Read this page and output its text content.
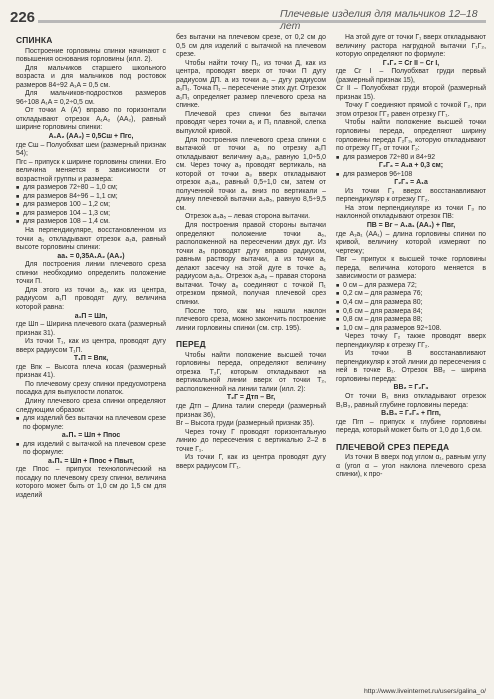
226	Плечевые изделия для мальчиков 12–18 лет
СПИНКА

Построение горловины спинки начинают с повышения основания горловины (илл. 2).

Для мальчиков старшего школьного возраста и для мальчиков под ростовок размеров 84÷92 A₁A = 0,5 см.

Для мальчиков-подростков размеров 96÷108 A₁A = 0,2÷0,5 см.

От точки А (А') вправо по горизонтали откладывают отрезок A₁A₂ (AA₂), равный ширине горловины спинки:

A₁A₂ (AA₂) = 0,5Сш + Пгс,

где Сш – Полуобхват шеи (размерный признак 54);

Пгс – припуск к ширине горловины спинки. Его величина меняется в зависимости от возрастной группы и размера:

■ для размеров 72÷80 – 1,0 см;

■ для размеров 84÷96 – 1,1 см;

■ для размеров 100 – 1,2 см;

■ для размеров 104 – 1,3 см;

■ для размеров 108 – 1,4 см.

На перпендикуляре, восстановленном из точки a₁ откладывают отрезок a₁a, равный высоте горловины спинки:

aa₁ = 0,35A₁A₂ (AA₂)

Для построения линии плечевого среза спинки необходимо определить положение точки П.

Для этого из точки a₁, как из центра, радиусом a₁П проводят дугу, величина которой равна:

a₁П = Шп,

где Шп – Ширина плечевого ската (размерный признак 31).

Из точки Т₁, как из центра, проводят дугу вверх радиусом Т₁П.

Т₁П = Впк,

где Впк – Высота плеча косая (размерный признак 41).

По плечевому срезу спинки предусмотрена посадка для выпуклости лопаток.

Длину плечевого среза спинки определяют следующим образом:

■ для изделий без вытачки на плечевом срезе по формуле:

a₁П₁ = Шп + Ппос

■ для изделий с вытачкой на плечевом срезе по формуле:

a₁П₁ = Шп + Ппос + Пвыт,

где Ппос – припуск технологический на посадку по плечевому срезу спинки, величина которого может быть от 1,0 см до 1,5 см для изделий

без вытачки на плечевом срезе, от 0,2 см до 0,5 см для изделий с вытачкой на плечевом срезе.

Чтобы найти точку П₁, из точки Д, как из центра, проводят вверх от точки П дугу радиусом ДП. а из точки a₁ – дугу радиусом a₁П₁. Точка П₁ – пересечение этих дуг. Отрезок a₁П₁ определяет размер плечевого среза на спинке.

Плечевой срез спинки без вытачки проводят через точки a₁ и П₁ плавной, слегка выпуклой кривой.

Для построения плечевого среза спинки с вытачкой от точки a₁ по отрезку a₁П откладывают величину a₁a₃, равную 1,0÷5,0 см. Через точку a₃ проводят вертикаль, на которой от точки a₃ вверх откладывают отрезок a₃a₄, равный 0,5÷1,0 см, затем от полученной точки a₄ вниз по вертикали – длину плечевой вытачки a₄a₅, равную 8,5÷9,5 см.

Отрезок a₄a₅ – левая сторона вытачки.

Для построения правой стороны вытачки определяют положение точки a₆, расположенной на пересечении двух дуг. Из точки a₅ проводят дугу вправо радиусом, равным раствору вытачки, а из точки a₁ делают засечку на этой дуге в точке a₆ радиусом a₁a₄. Отрезок a₅a₆ – правая сторона вытачки. Точку a₆ соединяют с точкой П₁ отрезком прямой, получая плечевой срез спинки.

После того, как мы нашли наклон плечевого среза, можно закончить построение линии горловины спинки (см. стр. 195).

ПЕРЕД

Чтобы найти положение высшей точки горловины переда, определяют величину отрезка Т₂Г, которым откладывают на вертикальной линии вверх от точки Т₂, расположенной на линии талии (илл. 2):

Т₂Г = Дтп – Вг,

где Дтп – Длина талии спереди (размерный признак 36),

Вг – Высота груди (размерный признак 35).

Через точку Г проводят горизонтальную линию до пересечения с вертикалью 2–2 в точке Г₁.

Из точки Г, как из центра проводят дугу вверх радиусом ГГ₁.

На этой дуге от точки Г₁ вверх откладывают величину растора нагрудной вытачки Г₁Г₂, которую определяют по формуле:

Г₁Г₂ = Сг II – Сг I,

где Сг I – Полуобхват груди первый (размерный признак 15),

Сг II – Полуобхват груди второй (размерный признак 15).

Точку Г соединяют прямой с точкой Г₂, при этом отрезок ГГ₂ равен отрезку ГГ₁.

Чтобы найти положение высшей точки горловины переда, определяют ширину горловины переда Г₂Г₃, которую откладывают по отрезку ГГ₂ от точки Г₂:

■ для размеров 72÷80 и 84÷92

Г₂Г₃ = A₁a + 0,3 см;

■ для размеров 96÷108

Г₂Г₃ = A₁a

Из точки Г₃ вверх восстанавливают перпендикуляр к отрезку ГГ₂.

На этом перпендикуляре из точки Г₃ по наклонной откладывают отрезок ПВ:

ПВ = Вг – A₁a₁ (AA₁) + Пвг,

где A₁a₁ (AA₁) – длина горловины спинки по кривой, величину которой измеряют по чертежу;

Пвг – припуск к высшей точке горловины переда, величина которого меняется в зависимости от размера:

■ 0 см – для размера 72;

■ 0,2 см – для размера 76;

■ 0,4 см – для размера 80;

■ 0,6 см – для размера 84;

■ 0,8 см – для размера 88;

■ 1,0 см – для размеров 92÷108.

Через точку Г₂ также проводят вверх перпендикуляр к отрезку ГГ₂.

Из точки В восстанавливают перпендикуляр к этой линии до пересечения с ней в точке B₁. Отрезок ВВ₂ – ширина горловины переда:

ВВ₂ = Г₂Г₃

От точки B₁ вниз откладывают отрезок B₁B₃, равный глубине горловины переда:

B₁B₃ = Г₂Г₃ + Пгп,

где Пгп – припуск к глубине горловины переда, который может быть от 1,0 до 1,6 см.

ПЛЕЧЕВОЙ СРЕЗ ПЕРЕДА

Из точки В вверх под углом α₁, равным углу α (угол α – угол наклона плечевого среза спинки), к про-

http://www.liveinternet.ru/users/galina_o/
